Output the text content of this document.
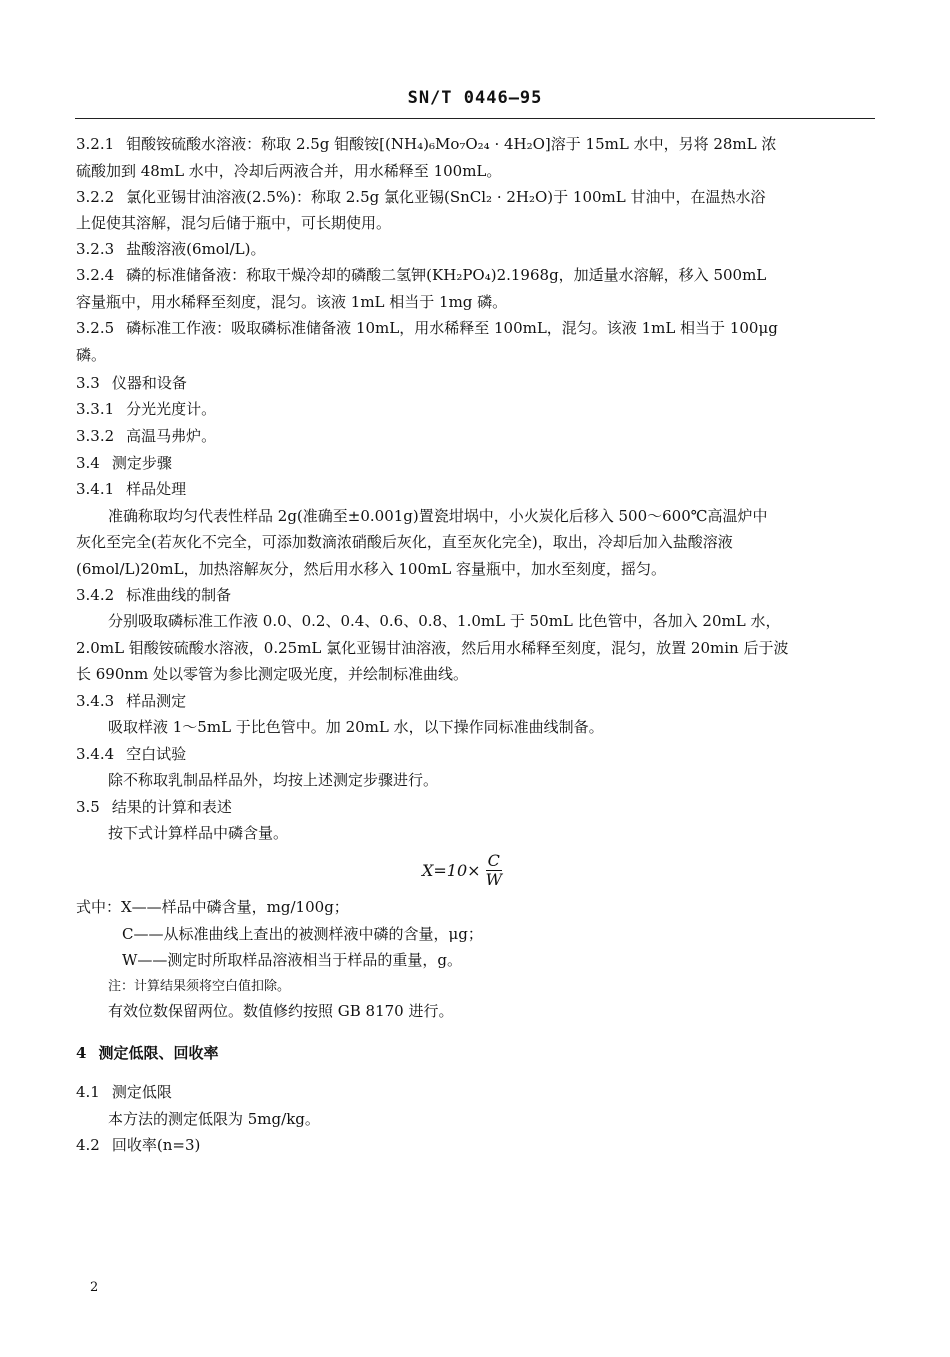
SN/T 0446—95
3.2.1 钼酸铵硫酸水溶液：称取 2.5g 钼酸铵[(NH₄)₆Mo₇O₂₄ · 4H₂O]溶于 15mL 水中，另将 28mL 浓
硫酸加到 48mL 水中，冷却后两液合并，用水稀释至 100mL。
3.2.2 氯化亚锡甘油溶液(2.5%)：称取 2.5g 氯化亚锡(SnCl₂ · 2H₂O)于 100mL 甘油中，在温热水浴
上促使其溶解，混匀后储于瓶中，可长期使用。
3.2.3 盐酸溶液(6mol/L)。
3.2.4 磷的标准储备液：称取干燥冷却的磷酸二氢钾(KH₂PO₄)2.1968g，加适量水溶解，移入 500mL
容量瓶中，用水稀释至刻度，混匀。该液 1mL 相当于 1mg 磷。
3.2.5 磷标准工作液：吸取磷标准储备液 10mL，用水稀释至 100mL，混匀。该液 1mL 相当于 100μg
磷。
3.3 仪器和设备
3.3.1 分光光度计。
3.3.2 高温马弗炉。
3.4 测定步骤
3.4.1 样品处理
准确称取均匀代表性样品 2g(准确至±0.001g)置瓷坩埚中，小火炭化后移入 500～600℃高温炉中
灰化至完全(若灰化不完全，可添加数滴浓硝酸后灰化，直至灰化完全)，取出，冷却后加入盐酸溶液
(6mol/L)20mL，加热溶解灰分，然后用水移入 100mL 容量瓶中，加水至刻度，摇匀。
3.4.2 标准曲线的制备
分别吸取磷标准工作液 0.0、0.2、0.4、0.6、0.8、1.0mL 于 50mL 比色管中，各加入 20mL 水，
2.0mL 钼酸铵硫酸水溶液，0.25mL 氯化亚锡甘油溶液，然后用水稀释至刻度，混匀，放置 20min 后于波
长 690nm 处以零管为参比测定吸光度，并绘制标准曲线。
3.4.3 样品测定
吸取样液 1～5mL 于比色管中。加 20mL 水，以下操作同标准曲线制备。
3.4.4 空白试验
除不称取乳制品样品外，均按上述测定步骤进行。
3.5 结果的计算和表述
按下式计算样品中磷含量。
$X=10\times \frac{C}{W}$
式中：X——样品中磷含量，mg/100g；
C——从标准曲线上查出的被测样液中磷的含量，μg；
W——测定时所取样品溶液相当于样品的重量，g。
注：计算结果须将空白值扣除。
有效位数保留两位。数值修约按照 GB 8170 进行。
4 测定低限、回收率
4.1 测定低限
本方法的测定低限为 5mg/kg。
4.2 回收率(n=3)
2
